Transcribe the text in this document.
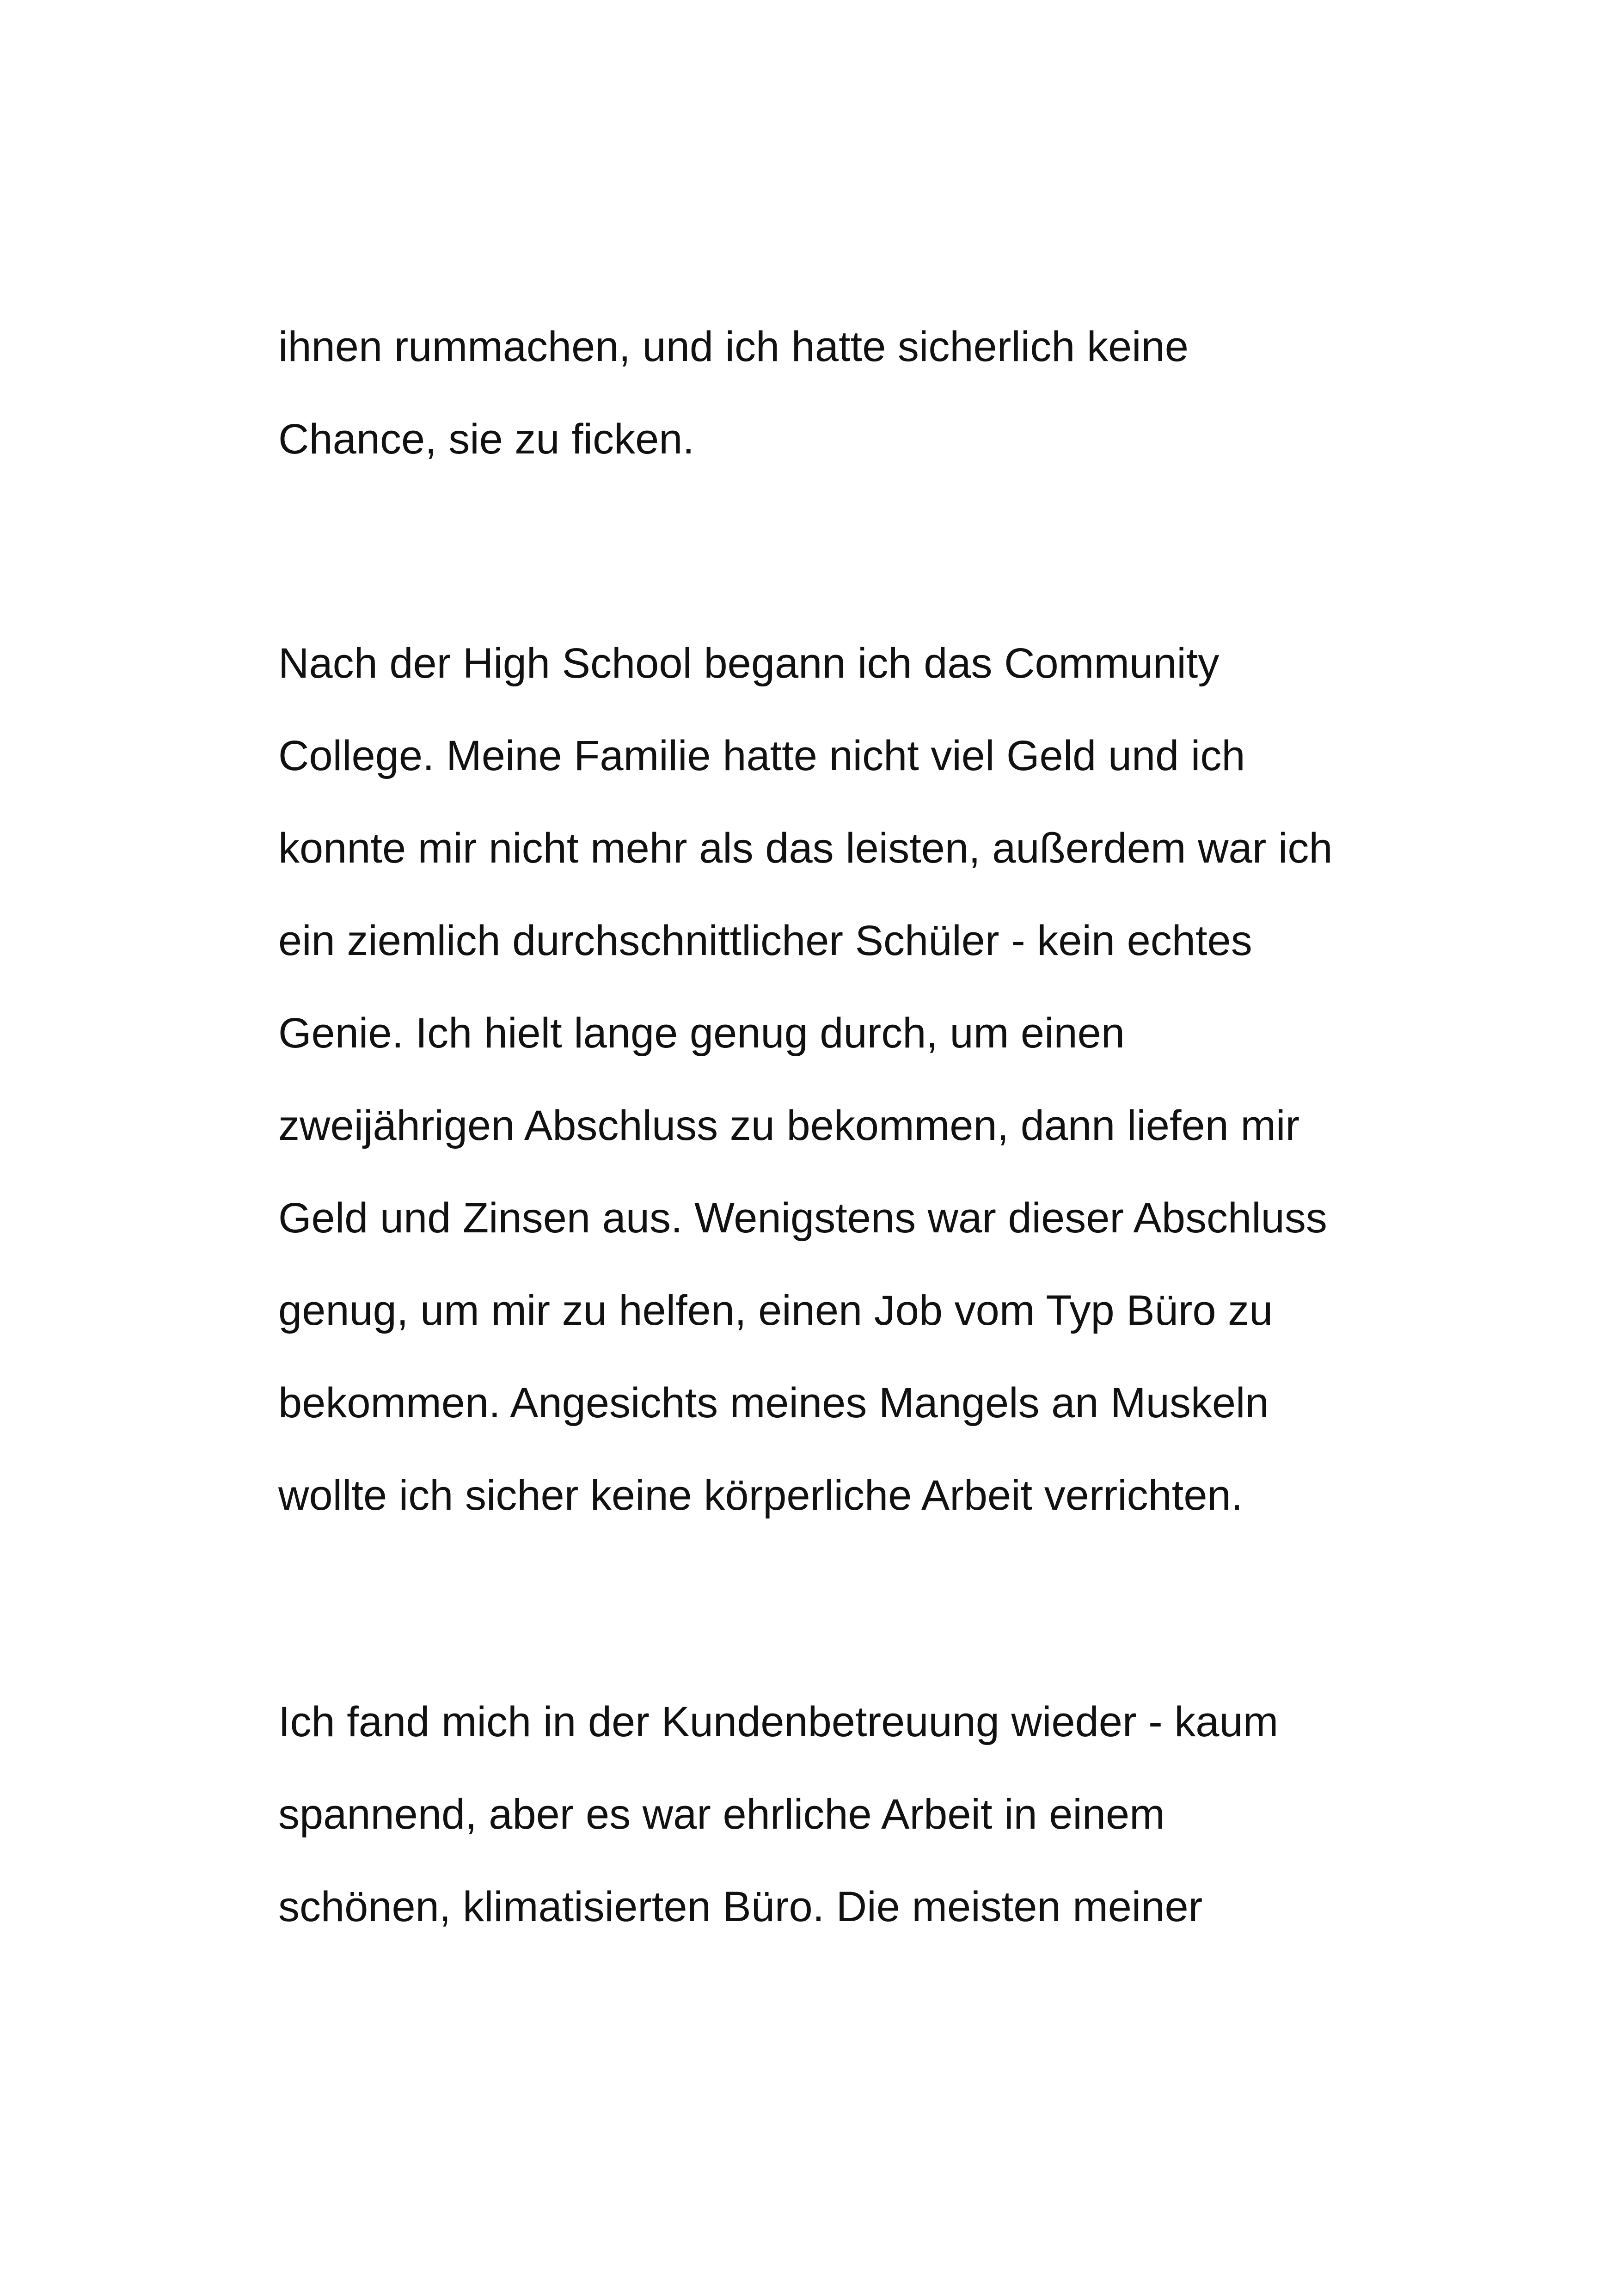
ihnen rummachen, und ich hatte sicherlich keine
Chance, sie zu ficken.
Nach der High School begann ich das Community
College. Meine Familie hatte nicht viel Geld und ich
konnte mir nicht mehr als das leisten, außerdem war ich
ein ziemlich durchschnittlicher Schüler - kein echtes
Genie. Ich hielt lange genug durch, um einen
zweijährigen Abschluss zu bekommen, dann liefen mir
Geld und Zinsen aus. Wenigstens war dieser Abschluss
genug, um mir zu helfen, einen Job vom Typ Büro zu
bekommen. Angesichts meines Mangels an Muskeln
wollte ich sicher keine körperliche Arbeit verrichten.
Ich fand mich in der Kundenbetreuung wieder - kaum
spannend, aber es war ehrliche Arbeit in einem
schönen, klimatisierten Büro. Die meisten meiner
